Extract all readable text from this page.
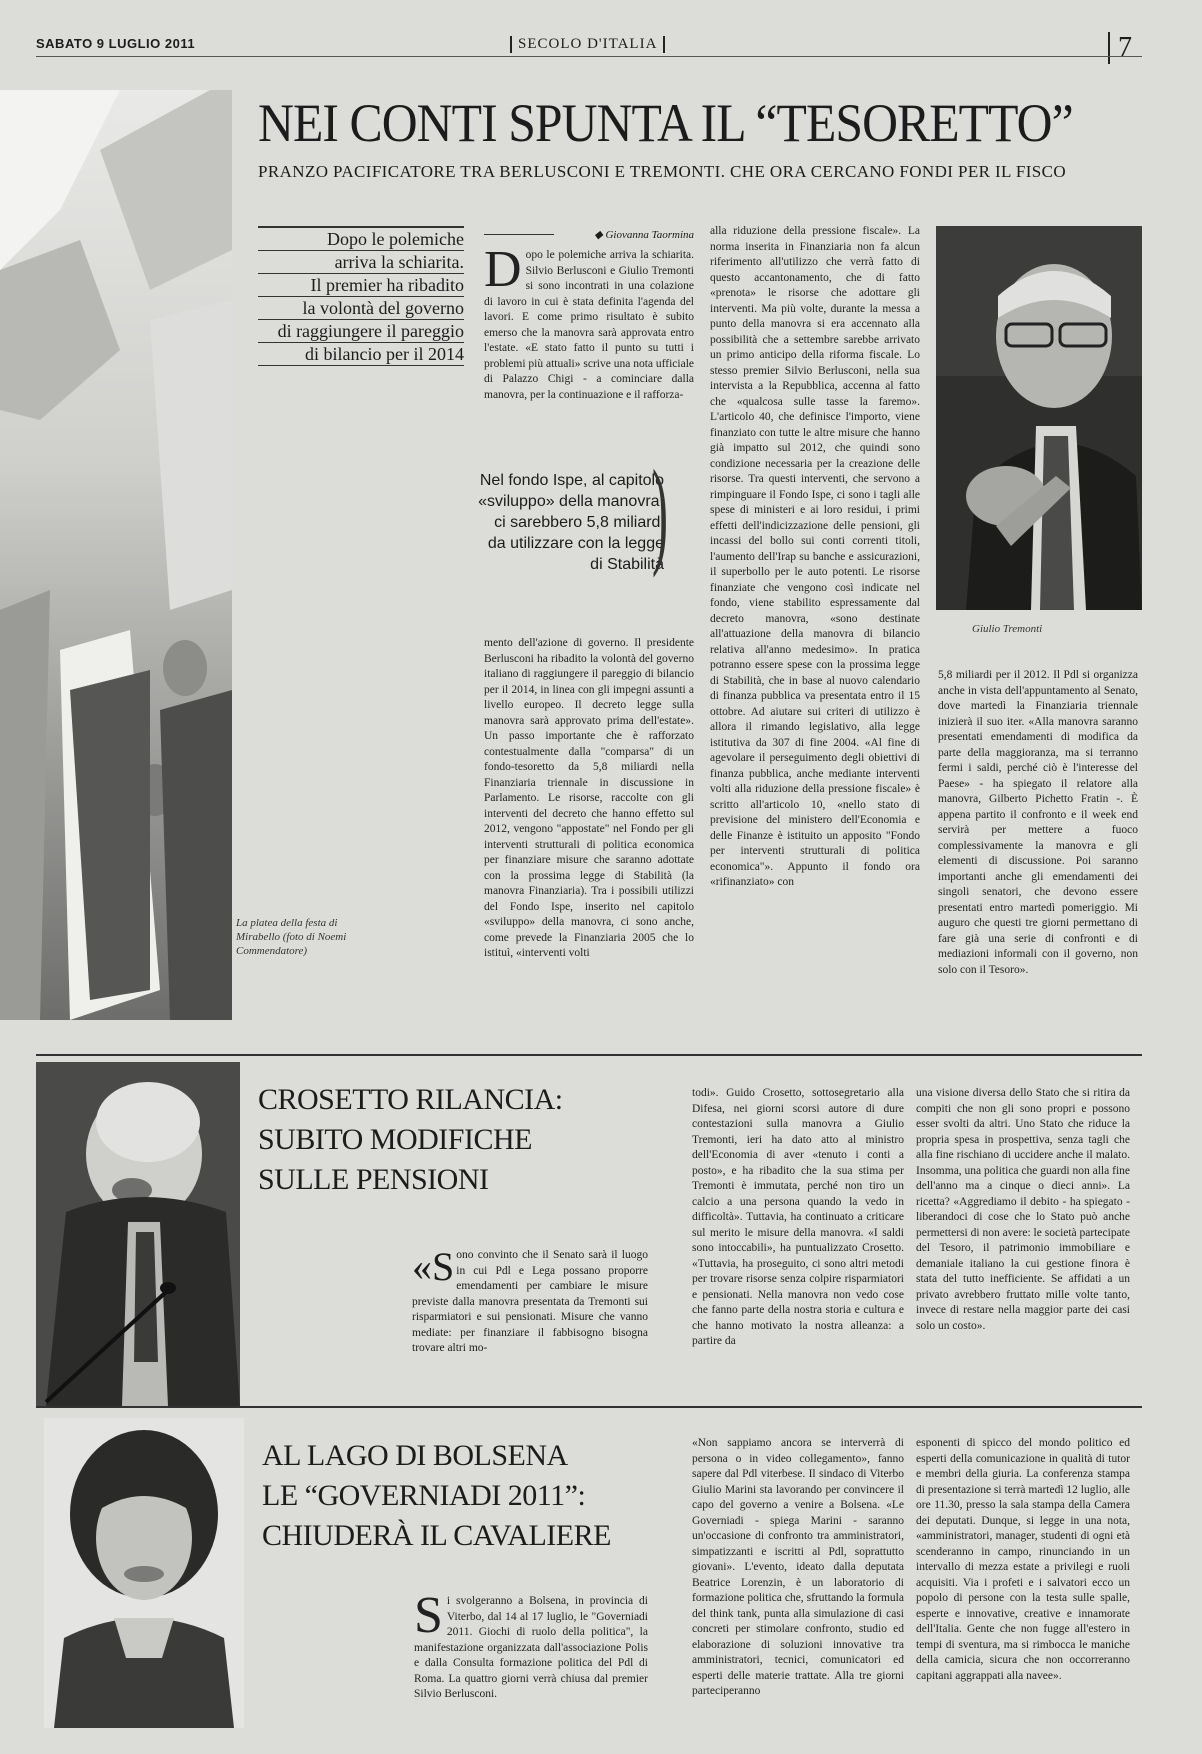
SABATO 9 LUGLIO 2011	SECOLO D'ITALIA	7
La platea della festa di Mirabello (foto di Noemi Commendatore)
NEI CONTI SPUNTA IL “TESORETTO”
PRANZO PACIFICATORE TRA BERLUSCONI E TREMONTI. CHE ORA CERCANO FONDI PER IL FISCO
Dopo le polemiche
arriva la schiarita.
Il premier ha ribadito
la volontà del governo
di raggiungere il pareggio
di bilancio per il 2014
◆ Giovanna Taormina
Dopo le polemiche arriva la schiarita. Silvio Berlusconi e Giulio Tremonti si sono incontrati in una colazione di lavoro in cui è stata definita l'agenda del lavori. E come primo risultato è subito emerso che la manovra sarà approvata entro l'estate. «E stato fatto il punto su tutti i problemi più attuali» scrive una nota ufficiale di Palazzo Chigi - a cominciare dalla manovra, per la continuazione e il rafforza-
Nel fondo Ispe, al capitolo «sviluppo» della manovra, ci sarebbero 5,8 miliardi da utilizzare con la legge di Stabilità
)
mento dell'azione di governo. Il presidente Berlusconi ha ribadito la volontà del governo italiano di raggiungere il pareggio di bilancio per il 2014, in linea con gli impegni assunti a livello europeo. Il decreto legge sulla manovra sarà approvato prima dell'estate». Un passo importante che è rafforzato contestualmente dalla "comparsa" di un fondo-tesoretto da 5,8 miliardi nella Finanziaria triennale in discussione in Parlamento. Le risorse, raccolte con gli interventi del decreto che hanno effetto sul 2012, vengono "appostate" nel Fondo per gli interventi strutturali di politica economica per finanziare misure che saranno adottate con la prossima legge di Stabilità (la manovra Finanziaria). Tra i possibili utilizzi del Fondo Ispe, inserito nel capitolo «sviluppo» della manovra, ci sono anche, come prevede la Finanziaria 2005 che lo istituì, «interventi volti
alla riduzione della pressione fiscale». La norma inserita in Finanziaria non fa alcun riferimento all'utilizzo che verrà fatto di questo accantonamento, che di fatto «prenota» le risorse che adottare gli interventi. Ma più volte, durante la messa a punto della manovra si era accennato alla possibilità che a settembre sarebbe arrivato un primo anticipo della riforma fiscale. Lo stesso premier Silvio Berlusconi, nella sua intervista a la Repubblica, accenna al fatto che «qualcosa sulle tasse la faremo». L'articolo 40, che definisce l'importo, viene finanziato con tutte le altre misure che hanno già impatto sul 2012, che quindi sono condizione necessaria per la creazione delle risorse. Tra questi interventi, che servono a rimpinguare il Fondo Ispe, ci sono i tagli alle spese di ministeri e ai loro residui, i primi effetti dell'indicizzazione delle pensioni, gli incassi del bollo sui conti correnti titoli, l'aumento dell'Irap su banche e assicurazioni, il superbollo per le auto potenti. Le risorse finanziate che vengono così indicate nel fondo, viene stabilito espressamente dal decreto manovra, «sono destinate all'attuazione della manovra di bilancio relativa all'anno medesimo». In pratica potranno essere spese con la prossima legge di Stabilità, che in base al nuovo calendario di finanza pubblica va presentata entro il 15 ottobre. Ad aiutare sui criteri di utilizzo è allora il rimando legislativo, alla legge istitutiva da 307 di fine 2004. «Al fine di agevolare il perseguimento degli obiettivi di finanza pubblica, anche mediante interventi volti alla riduzione della pressione fiscale» è scritto all'articolo 10, «nello stato di previsione del ministero dell'Economia e delle Finanze è istituito un apposito "Fondo per interventi strutturali di politica economica"». Appunto il fondo ora «rifinanziato» con
Giulio Tremonti
5,8 miliardi per il 2012. Il Pdl si organizza anche in vista dell'appuntamento al Senato, dove martedì la Finanziaria triennale inizierà il suo iter. «Alla manovra saranno presentati emendamenti di modifica da parte della maggioranza, ma si terranno fermi i saldi, perché ciò è l'interesse del Paese» - ha spiegato il relatore alla manovra, Gilberto Pichetto Fratin -. È appena partito il confronto e il week end servirà per mettere a fuoco complessivamente la manovra e gli elementi di discussione. Poi saranno importanti anche gli emendamenti dei singoli senatori, che devono essere presentati entro martedì pomeriggio. Mi auguro che questi tre giorni permettano di fare già una serie di confronti e di mediazioni informali con il governo, non solo con il Tesoro».
CROSETTO RILANCIA:
SUBITO MODIFICHE
SULLE PENSIONI
«Sono convinto che il Senato sarà il luogo in cui Pdl e Lega possano proporre emendamenti per cambiare le misure previste dalla manovra presentata da Tremonti sui risparmiatori e sui pensionati. Misure che vanno mediate: per finanziare il fabbisogno bisogna trovare altri mo-
todi». Guido Crosetto, sottosegretario alla Difesa, nei giorni scorsi autore di dure contestazioni sulla manovra a Giulio Tremonti, ieri ha dato atto al ministro dell'Economia di aver «tenuto i conti a posto», e ha ribadito che la sua stima per Tremonti è immutata, perché non tiro un calcio a una persona quando la vedo in difficoltà». Tuttavia, ha continuato a criticare sul merito le misure della manovra. «I saldi sono intoccabili», ha puntualizzato Crosetto. «Tuttavia, ha proseguito, ci sono altri metodi per trovare risorse senza colpire risparmiatori e pensionati. Nella manovra non vedo cose che fanno parte della nostra storia e cultura e che hanno motivato la nostra alleanza: a partire da
una visione diversa dello Stato che si ritira da compiti che non gli sono propri e possono esser svolti da altri. Uno Stato che riduce la propria spesa in prospettiva, senza tagli che alla fine rischiano di uccidere anche il malato. Insomma, una politica che guardi non alla fine dell'anno ma a cinque o dieci anni». La ricetta? «Aggrediamo il debito - ha spiegato - liberandoci di cose che lo Stato può anche permettersi di non avere: le società partecipate del Tesoro, il patrimonio immobiliare e demaniale italiano la cui gestione finora è stata del tutto inefficiente. Se affidati a un privato avrebbero fruttato mille volte tanto, invece di restare nella maggior parte dei casi solo un costo».
AL LAGO DI BOLSENA
LE “GOVERNIADI 2011”:
CHIUDERÀ IL CAVALIERE
Si svolgeranno a Bolsena, in provincia di Viterbo, dal 14 al 17 luglio, le "Governiadi 2011. Giochi di ruolo della politica", la manifestazione organizzata dall'associazione Polis e dalla Consulta formazione politica del Pdl di Roma. La quattro giorni verrà chiusa dal premier Silvio Berlusconi.
«Non sappiamo ancora se interverrà di persona o in video collegamento», fanno sapere dal Pdl viterbese. Il sindaco di Viterbo Giulio Marini sta lavorando per convincere il capo del governo a venire a Bolsena. «Le Governiadi - spiega Marini - saranno un'occasione di confronto tra amministratori, simpatizzanti e iscritti al Pdl, soprattutto giovani». L'evento, ideato dalla deputata Beatrice Lorenzin, è un laboratorio di formazione politica che, sfruttando la formula del think tank, punta alla simulazione di casi concreti per stimolare confronto, studio ed elaborazione di soluzioni innovative tra amministratori, tecnici, comunicatori ed esperti delle materie trattate. Alla tre giorni parteciperanno
esponenti di spicco del mondo politico ed esperti della comunicazione in qualità di tutor e membri della giuria. La conferenza stampa di presentazione si terrà martedì 12 luglio, alle ore 11.30, presso la sala stampa della Camera dei deputati. Dunque, si legge in una nota, «amministratori, manager, studenti di ogni età scenderanno in campo, rinunciando in un intervallo di mezza estate a privilegi e ruoli acquisiti. Via i profeti e i salvatori ecco un popolo di persone con la testa sulle spalle, esperte e innovative, creative e innamorate dell'Italia. Gente che non fugge all'estero in tempi di sventura, ma si rimbocca le maniche della camicia, sicura che non occorreranno capitani aggrappati alla navee».
